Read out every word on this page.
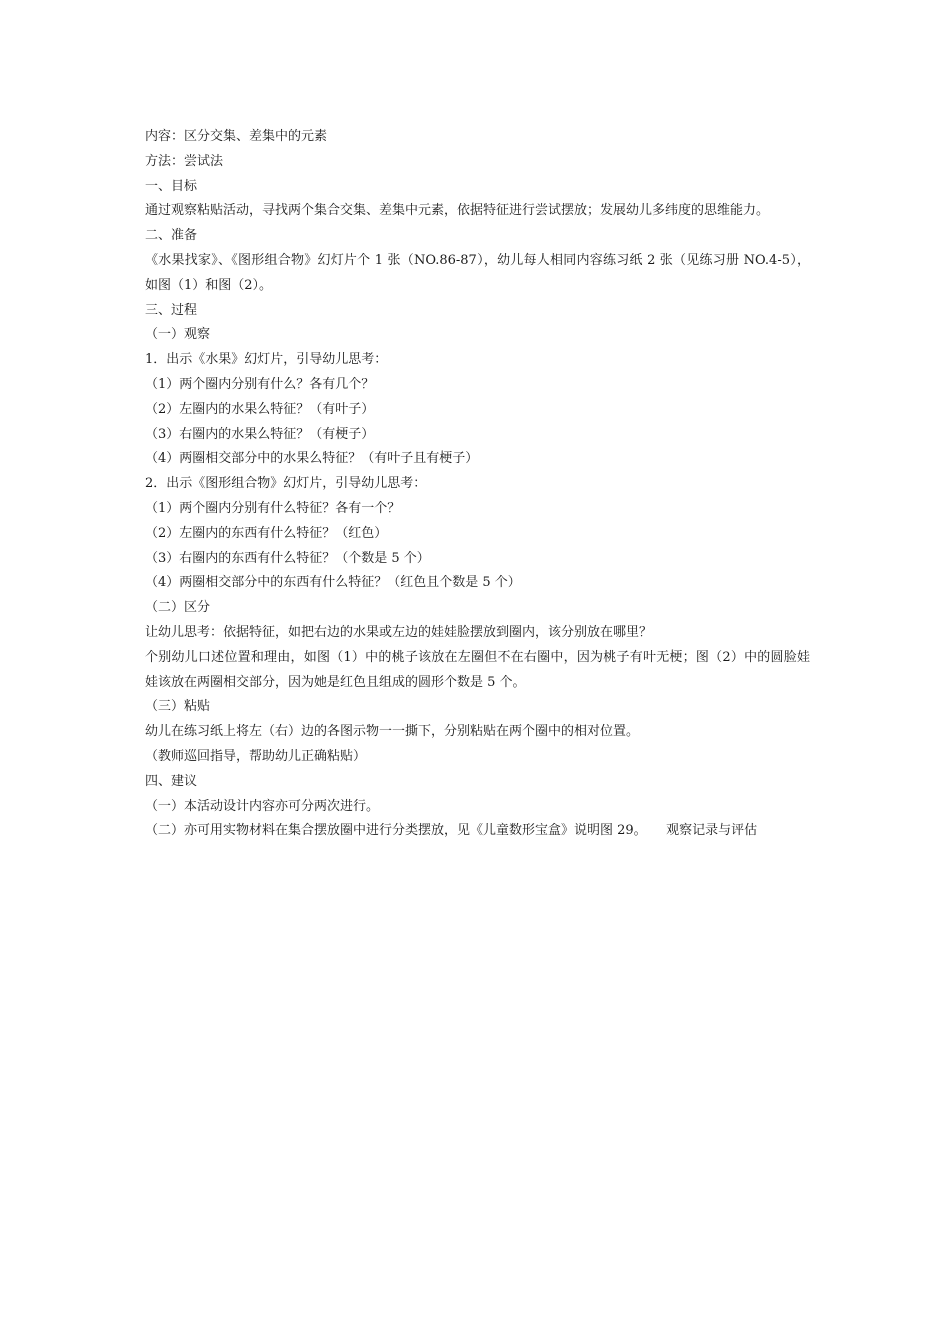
内容：区分交集、差集中的元素

方法：尝试法

一、目标

通过观察粘贴活动，寻找两个集合交集、差集中元素，依据特征进行尝试摆放；发展幼儿多纬度的思维能力。

二、准备

《水果找家》、《图形组合物》幻灯片个 1 张（NO.86-87），幼儿每人相同内容练习纸 2 张（见练习册 NO.4-5），如图（1）和图（2）。

三、过程

（一）观察

1．出示《水果》幻灯片，引导幼儿思考：

（1）两个圈内分别有什么？各有几个？

（2）左圈内的水果么特征？（有叶子）

（3）右圈内的水果么特征？（有梗子）

（4）两圈相交部分中的水果么特征？（有叶子且有梗子）

2．出示《图形组合物》幻灯片，引导幼儿思考：

（1）两个圈内分别有什么特征？各有一个？

（2）左圈内的东西有什么特征？（红色）

（3）右圈内的东西有什么特征？（个数是 5 个）

（4）两圈相交部分中的东西有什么特征？（红色且个数是 5 个）

（二）区分

让幼儿思考：依据特征，如把右边的水果或左边的娃娃脸摆放到圈内，该分别放在哪里？

个别幼儿口述位置和理由，如图（1）中的桃子该放在左圈但不在右圈中，因为桃子有叶无梗；图（2）中的圆脸娃娃该放在两圈相交部分，因为她是红色且组成的圆形个数是 5 个。

（三）粘贴

幼儿在练习纸上将左（右）边的各图示物一一撕下，分别粘贴在两个圈中的相对位置。

（教师巡回指导，帮助幼儿正确粘贴）

四、建议

（一）本活动设计内容亦可分两次进行。

（二）亦可用实物材料在集合摆放圈中进行分类摆放，见《儿童数形宝盒》说明图 29。　　观察记录与评估
